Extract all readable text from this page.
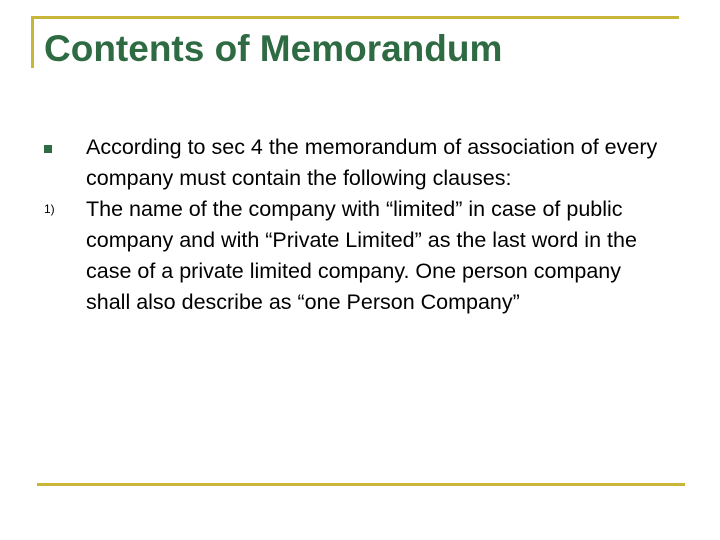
Contents of Memorandum
According to sec 4 the memorandum of association of every company must contain the following clauses:
1) The name of the company with “limited” in case of public company and with “Private Limited” as the last word in the case of a private limited company. One person company shall also describe as “one Person Company”
